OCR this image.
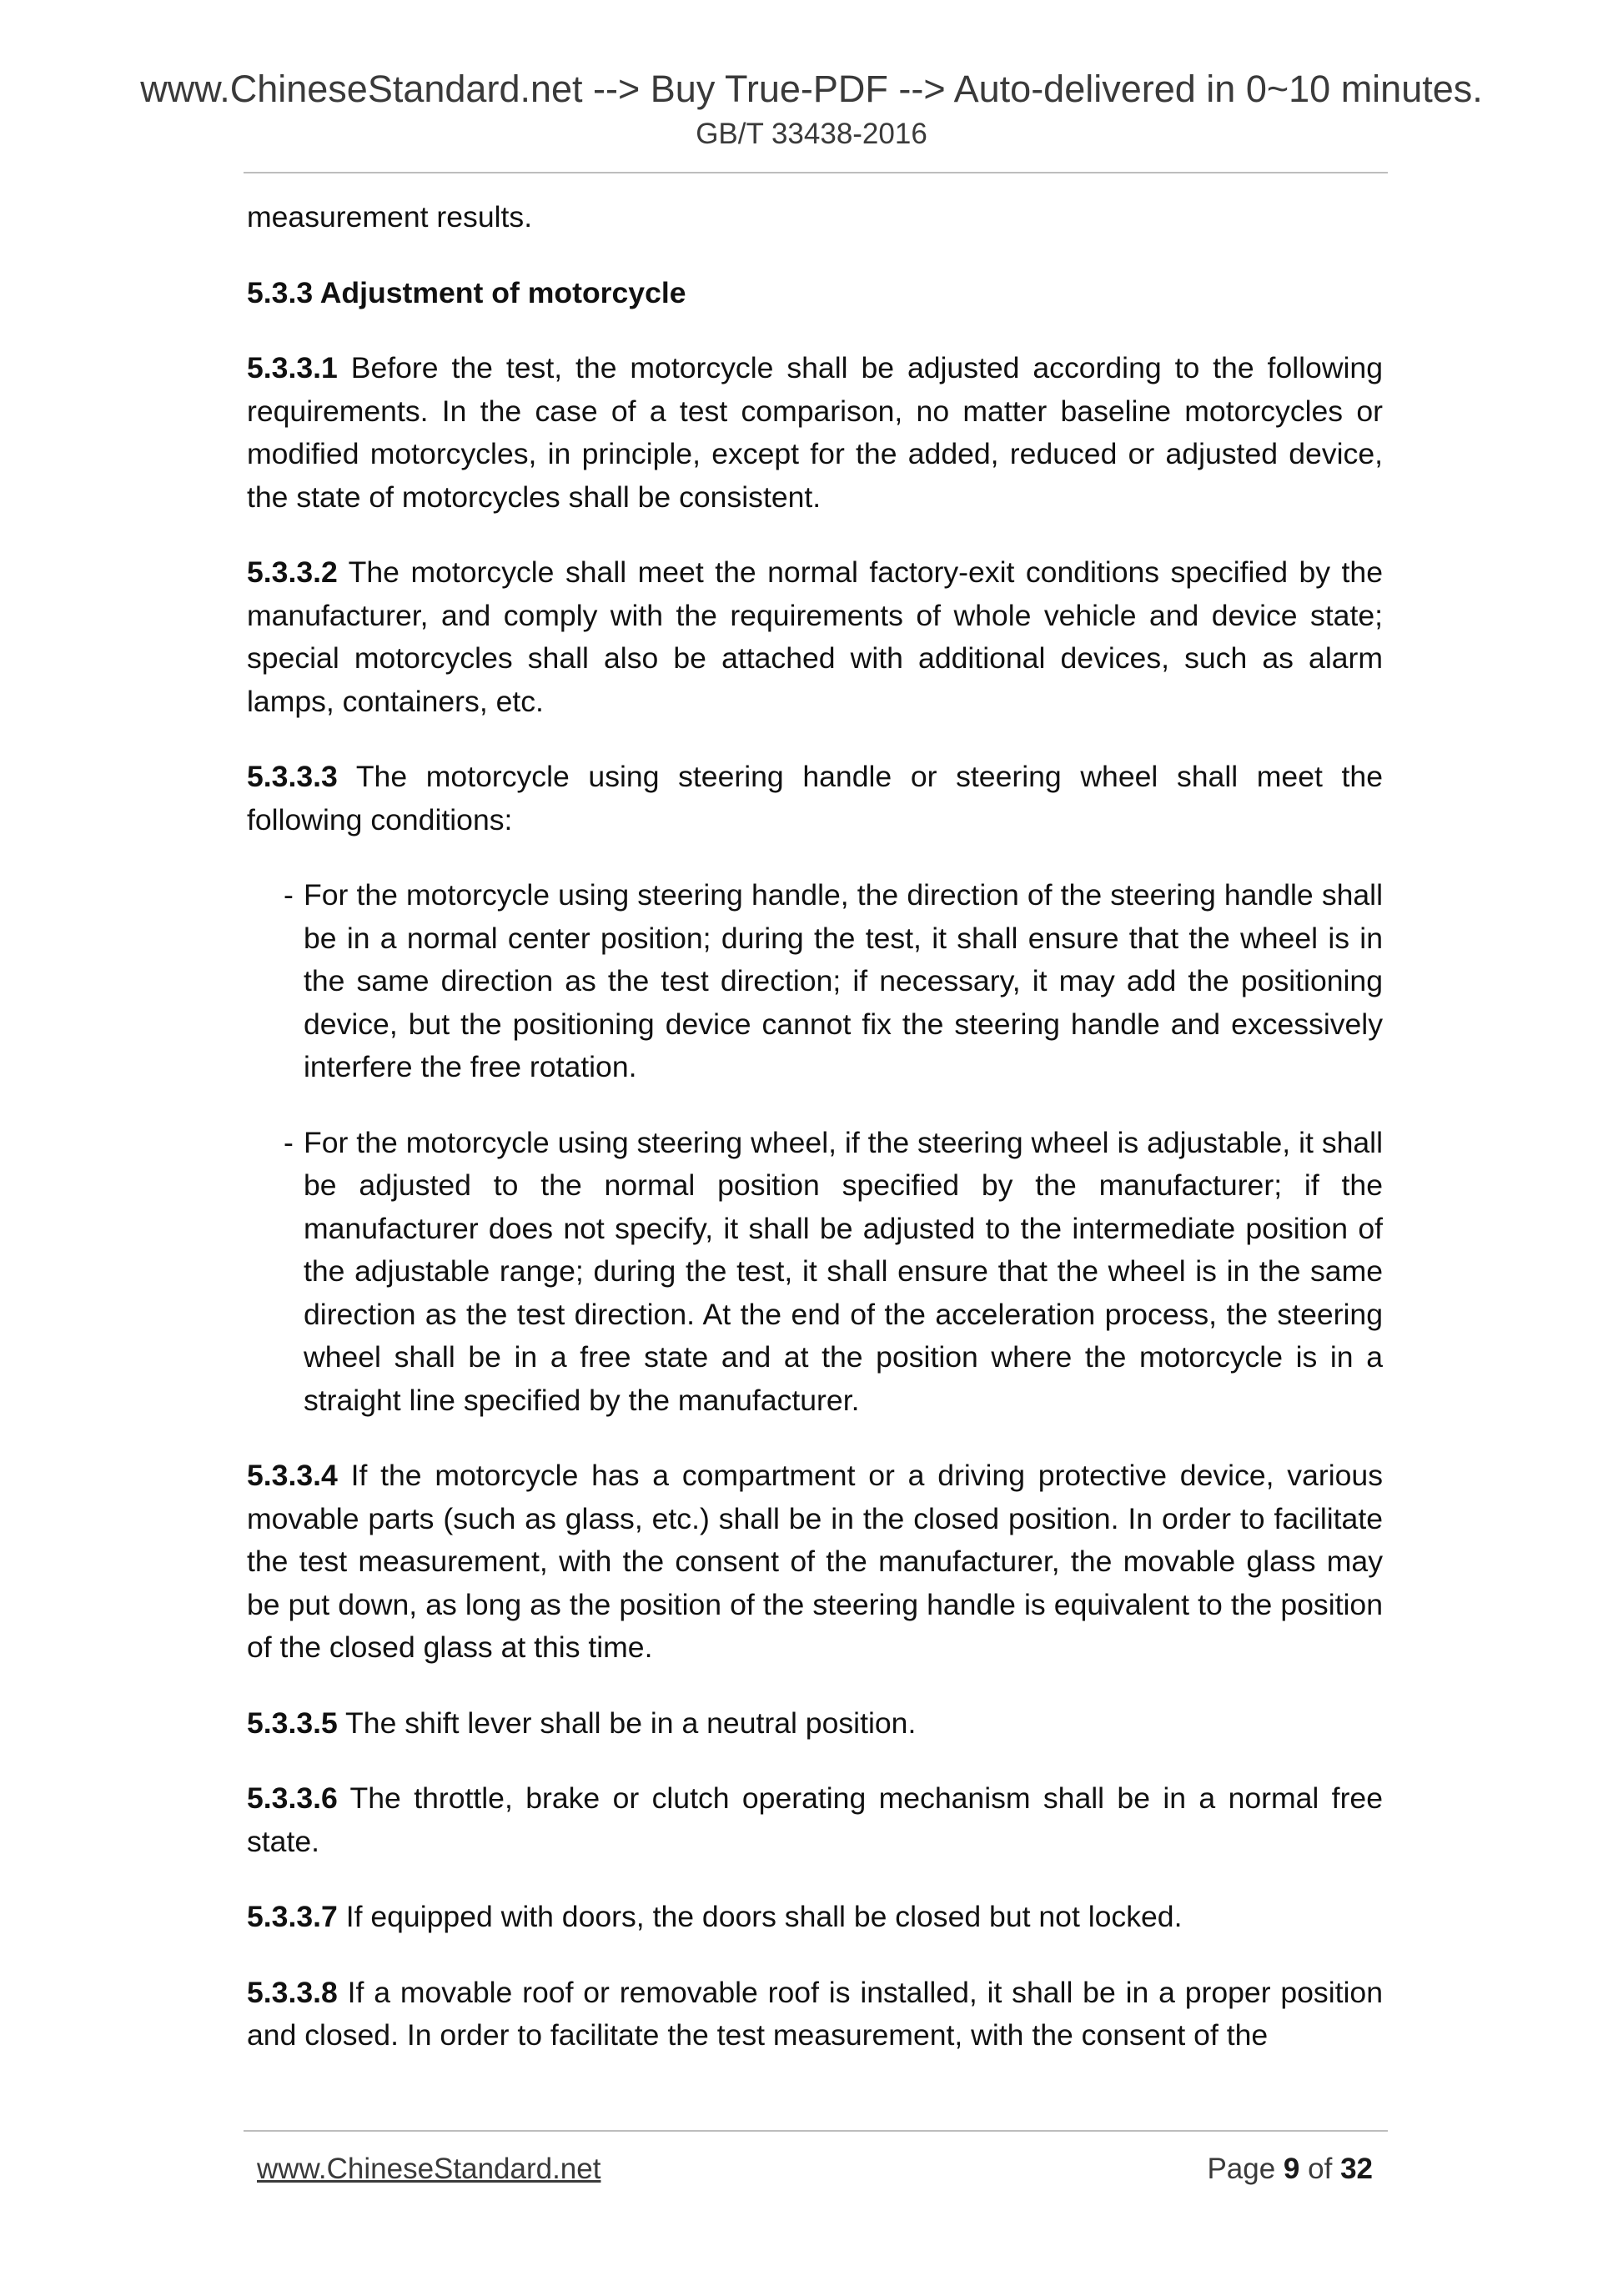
www.ChineseStandard.net --> Buy True-PDF --> Auto-delivered in 0~10 minutes.
GB/T 33438-2016

measurement results.

5.3.3 Adjustment of motorcycle

5.3.3.1 Before the test, the motorcycle shall be adjusted according to the following requirements. In the case of a test comparison, no matter baseline motorcycles or modified motorcycles, in principle, except for the added, reduced or adjusted device, the state of motorcycles shall be consistent.

5.3.3.2 The motorcycle shall meet the normal factory-exit conditions specified by the manufacturer, and comply with the requirements of whole vehicle and device state; special motorcycles shall also be attached with additional devices, such as alarm lamps, containers, etc.

5.3.3.3 The motorcycle using steering handle or steering wheel shall meet the following conditions:

- For the motorcycle using steering handle, the direction of the steering handle shall be in a normal center position; during the test, it shall ensure that the wheel is in the same direction as the test direction; if necessary, it may add the positioning device, but the positioning device cannot fix the steering handle and excessively interfere the free rotation.
- For the motorcycle using steering wheel, if the steering wheel is adjustable, it shall be adjusted to the normal position specified by the manufacturer; if the manufacturer does not specify, it shall be adjusted to the intermediate position of the adjustable range; during the test, it shall ensure that the wheel is in the same direction as the test direction. At the end of the acceleration process, the steering wheel shall be in a free state and at the position where the motorcycle is in a straight line specified by the manufacturer.

5.3.3.4 If the motorcycle has a compartment or a driving protective device, various movable parts (such as glass, etc.) shall be in the closed position. In order to facilitate the test measurement, with the consent of the manufacturer, the movable glass may be put down, as long as the position of the steering handle is equivalent to the position of the closed glass at this time.

5.3.3.5 The shift lever shall be in a neutral position.

5.3.3.6 The throttle, brake or clutch operating mechanism shall be in a normal free state.

5.3.3.7 If equipped with doors, the doors shall be closed but not locked.

5.3.3.8 If a movable roof or removable roof is installed, it shall be in a proper position and closed. In order to facilitate the test measurement, with the consent of the

www.ChineseStandard.net	Page 9 of 32
